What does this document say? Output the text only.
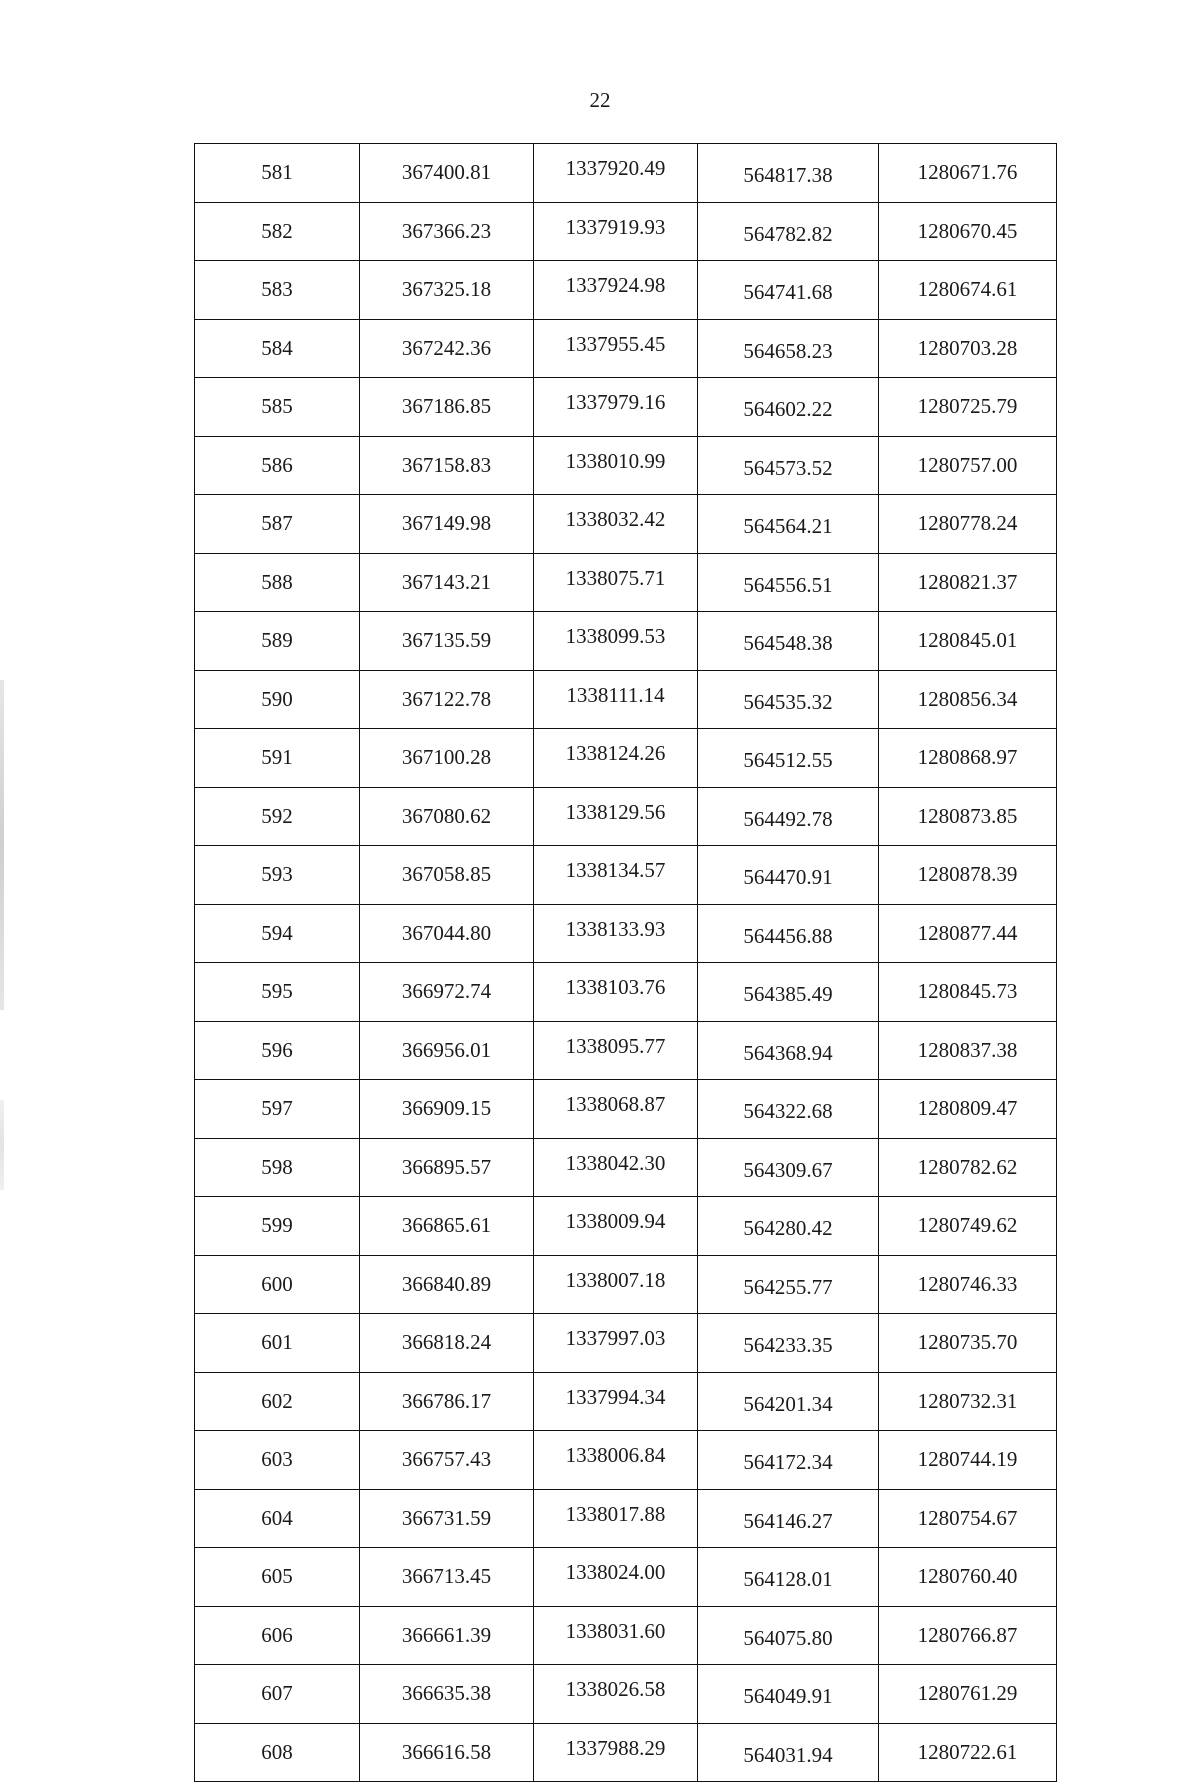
22
581	367400.81	1337920.49	564817.38	1280671.76
582	367366.23	1337919.93	564782.82	1280670.45
583	367325.18	1337924.98	564741.68	1280674.61
584	367242.36	1337955.45	564658.23	1280703.28
585	367186.85	1337979.16	564602.22	1280725.79
586	367158.83	1338010.99	564573.52	1280757.00
587	367149.98	1338032.42	564564.21	1280778.24
588	367143.21	1338075.71	564556.51	1280821.37
589	367135.59	1338099.53	564548.38	1280845.01
590	367122.78	1338111.14	564535.32	1280856.34
591	367100.28	1338124.26	564512.55	1280868.97
592	367080.62	1338129.56	564492.78	1280873.85
593	367058.85	1338134.57	564470.91	1280878.39
594	367044.80	1338133.93	564456.88	1280877.44
595	366972.74	1338103.76	564385.49	1280845.73
596	366956.01	1338095.77	564368.94	1280837.38
597	366909.15	1338068.87	564322.68	1280809.47
598	366895.57	1338042.30	564309.67	1280782.62
599	366865.61	1338009.94	564280.42	1280749.62
600	366840.89	1338007.18	564255.77	1280746.33
601	366818.24	1337997.03	564233.35	1280735.70
602	366786.17	1337994.34	564201.34	1280732.31
603	366757.43	1338006.84	564172.34	1280744.19
604	366731.59	1338017.88	564146.27	1280754.67
605	366713.45	1338024.00	564128.01	1280760.40
606	366661.39	1338031.60	564075.80	1280766.87
607	366635.38	1338026.58	564049.91	1280761.29
608	366616.58	1337988.29	564031.94	1280722.61
